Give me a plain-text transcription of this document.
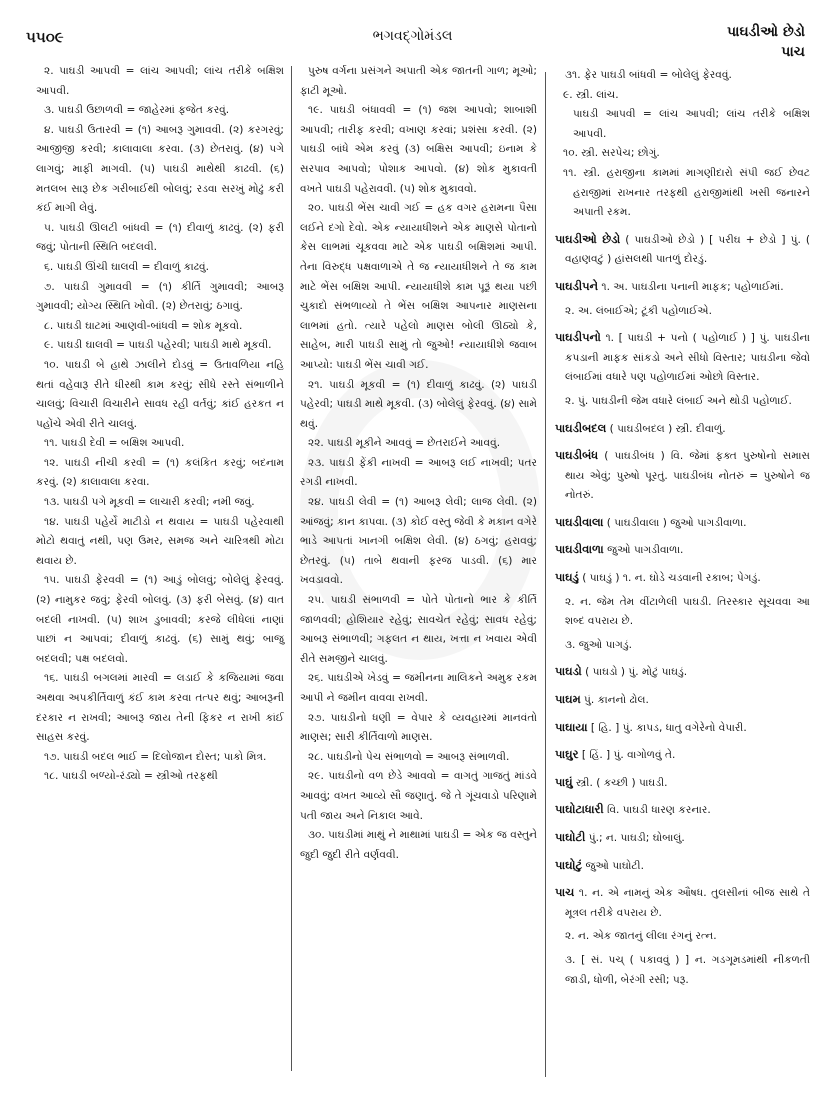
૫૫૦૯	ભગવદ્ગોમંડલ	પાઘડીઓ છેડો
પાચ

૨. પાઘડી આપવી = લાંચ આપવી; લાંચ તરીકે બક્ષિશ આપવી.

૩. પાઘડી ઉછાળવી = જાહેરમાં ફજેત કરવું.

૪. પાઘડી ઉતારવી = (૧) આબરૂ ગુમાવવી. (૨) કરગરવું; આજીજી કરવી; કાલાવાલા કરવા. (૩) છેતરાવું. (૪) પગે લાગવું; માફી માગવી. (૫) પાઘડી માથેથી કાઢવી. (૬) મતલબ સારૂ છેક ગરીબાઈથી બોલવું; રડવા સરખું મોઢું કરી કંઈ માગી લેવું.

૫. પાઘડી ઊલટી બાંધવી = (૧) દીવાળું કાઢવું. (૨) ફરી જવું; પોતાની સ્થિતિ બદલવી.

૬. પાઘડી ઊંચી ઘાલવી = દીવાળું કાઢવું.

૭. પાઘડી ગુમાવવી = (૧) કીર્તિ ગુમાવવી; આબરૂ ગુમાવવી; યોગ્ય સ્થિતિ ખોવી. (૨) છેતરાવું; ઠગાવું.

૮. પાઘડી ઘાટમાં આણવી-બાંધવી = શોક મૂકવો.

૯. પાઘડી ઘાલવી = પાઘડી પહેરવી; પાઘડી માથે મૂકવી.

૧૦. પાઘડી બે હાથે ઝાલીને દોડવું = ઉતાવળિયા નહિ થતાં વહેવારૂ રીતે ધીરથી કામ કરવું; સીધે રસ્તે સંભાળીને ચાલવું; વિચારી વિચારીને સાવધ રહી વર્તવું; કાંઈ હરકત ન પહોંચે એવી રીતે ચાલવું.

૧૧. પાઘડી દેવી = બક્ષિશ આપવી.

૧૨. પાઘડી નીચી કરવી = (૧) કલંકિત કરવું; બદનામ કરવું. (૨) કાલાવાલા કરવા.

૧૩. પાઘડી પગે મૂકવી = લાચારી કરવી; નમી જવું.

૧૪. પાઘડી પહેર્યે માટીડો ન થવાય = પાઘડી પહેરવાથી મોટો થવાતું નથી, પણ ઉમર, સમજ અને ચારિત્રથી મોટા થવાય છે.

૧૫. પાઘડી ફેરવવી = (૧) આડું બોલવું; બોલેલું ફેરવવું. (૨) નામુકર જવું; ફેરવી બોલવું. (૩) ફરી બેસવું. (૪) વાત બદલી નાખવી. (૫) શાખ ડુબાવવી; કરજે લીધેલાં નાણાં પાછાં ન આપવાં; દીવાળું કાઢવું. (૬) સામું થવું; બાજુ બદલવી; પક્ષ બદલવો.

૧૬. પાઘડી બગલમાં મારવી = લડાઈ કે કજિયામાં જવા અથવા અપકીર્તિવાળું કંઈ કામ કરવા તત્પર થવું; આબરૂની દરકાર ન રાખવી; આબરૂ જાય તેની ફિકર ન રાખી કાંઈ સાહસ કરવું.

૧૭. પાઘડી બદલ ભાઈ = દિલોજાન દોસ્ત; પાકો મિત્ર.

૧૮. પાઘડી બળ્યો-રંડ્યો = સ્ત્રીઓ તરફથી

પુરુષ વર્ગના પ્રસંગને અપાતી એક જાતની ગાળ; મૂઓ; ફાટી મૂઓ.

૧૯. પાઘડી બંધાવવી = (૧) જશ આપવો; શાબાશી આપવી; તારીફ કરવી; વખાણ કરવાં; પ્રશંસા કરવી. (૨) પાઘડી બાંધે એમ કરવું (૩) બક્ષિસ આપવી; ઇનામ કે સરપાવ આપવો; પોશાક આપવો. (૪) શોક મુકાવતી વખતે પાઘડી પહેરાવવી. (૫) શોક મુકાવવો.

૨૦. પાઘડી ભેંસ ચાવી ગઈ = હક વગર હરામના પૈસા લઈને દગો દેવો. એક ન્યાયાધીશને એક માણસે પોતાનો કેસ લાભમાં ચૂકવવા માટે એક પાઘડી બક્ષિશમાં આપી. તેના વિરુદ્ધ પક્ષવાળાએ તે જ ન્યાયાધીશને તે જ કામ માટે ભેંસ બક્ષિશ આપી. ન્યાયાધીશે કામ પૂરૂં થયા પછી ચુકાદો સંભળાવ્યો તે ભેંસ બક્ષિશ આપનાર માણસના લાભમાં હતો. ત્યારે પહેલો માણસ બોલી ઊઠ્યો કે, સાહેબ, મારી પાઘડી સામું તો જુઓ! ન્યાયાધીશે જવાબ આપ્યો: પાઘડી ભેંસ ચાવી ગઈ.

૨૧. પાઘડી મૂકવી = (૧) દીવાળું કાઢવું. (૨) પાઘડી પહેરવી; પાઘડી માથે મૂકવી. (૩) બોલેલું ફેરવવું. (૪) સામે થવું.

૨૨. પાઘડી મૂકીને આવવું = છેતરાઈને આવવું.

૨૩. પાઘડી ફેંકી નાખવી = આબરૂ લઈ નાખવી; પતર રગડી નાખવી.

૨૪. પાઘડી લેવી = (૧) આબરૂ લેવી; લાજ લેવી. (૨) આંજવું; કાન કાપવા. (૩) કોઈ વસ્તુ જેવી કે મકાન વગેરે ભાડે આપતાં ખાનગી બક્ષિશ લેવી. (૪) ઠગવું; હરાવવું; છેતરવું. (૫) તાબે થવાની ફરજ પાડવી. (૬) માર ખવડાવવો.

૨૫. પાઘડી સંભાળવી = પોતે પોતાનો ભાર કે કીર્તિ જાળવવી; હોશિયાર રહેવું; સાવચેત રહેવું; સાવધ રહેવું; આબરૂ સંભાળવી; ગફલત ન થાય, ખત્તા ન ખવાય એવી રીતે સમજીને ચાલવું.

૨૬. પાઘડીએ ખેડવું = જમીનના માલિકને અમુક રકમ આપી ને જમીન વાવવા રાખવી.

૨૭. પાઘડીનો ધણી = વેપાર કે વ્યવહારમાં માનવંતો માણસ; સારી કીર્તિવાળો માણસ.

૨૮. પાઘડીનો પેચ સંભાળવો = આબરૂ સંભાળવી.

૨૯. પાઘડીનો વળ છેડે આવવો = વાગતું ગાજતું માંડવે આવવું; વખત આવ્યે સૌ જણાતું. જે તે ગૂંચવાડો પરિણામે પતી જાય અને નિકાલ આવે.

૩૦. પાઘડીમાં માથું ને માથામાં પાઘડી = એક જ વસ્તુને જુદી જુદી રીતે વર્ણવવી.

૩૧. ફેર પાઘડી બાંધવી = બોલેલું ફેરવવું.

૯. સ્ત્રી. લાંચ.

પાઘડી આપવી = લાંચ આપવી; લાંચ તરીકે બક્ષિશ આપવી.

૧૦. સ્ત્રી. સરપેચ; છોગું.

૧૧. સ્ત્રી. હરાજીના કામમાં માગણીદારો સંપી જઈ છેવટ હરાજીમાં રાખનાર તરફથી હરાજીમાંથી ખસી જનારને અપાતી રકમ.

પાઘડીઓ છેડો ( પાઘડીઓ છેડો ) [ પરીઘ + છેડો ] પું. ( વહાણવટું ) હાંસલથી પાતળું દોરડું.

પાઘડીપને ૧. અ. પાઘડીના પનાની માફક; પહોળાઈમાં.

૨. અ. લંબાઈએ; ટૂંકી પહોળાઈએ.

પાઘડીપનો ૧. [ પાઘડી + પનો ( પહોળાઈ ) ] પું. પાઘડીના કપડાની માફક સાંકડો અને સીધો વિસ્તાર; પાઘડીના જેવો લંબાઈમાં વધારે પણ પહોળાઈમાં ઓછો વિસ્તાર.

૨. પું. પાઘડીની જેમ વધારે લંબાઈ અને થોડી પહોળાઈ.

પાઘડીબદલ ( પાઘડીબદલ ) સ્ત્રી. દીવાળું.

પાઘડીબંધ ( પાઘડીબંધ ) વિ. જેમાં ફક્ત પુરુષોનો સમાસ થાય એવું; પુરુષો પૂરતું. પાઘડીબંધ નોતરું = પુરુષોને જ નોતરું.

પાઘડીવાલા ( પાઘડીવાલા ) જુઓ પાગડીવાળા.

પાઘડીવાળા જુઓ પાગડીવાળા.

પાઘડું ( પાઘડું ) ૧. ન. ઘોડે ચડવાની રકાબ; પેગડું.

૨. ન. જેમ તેમ વીંટાળેલી પાઘડી. તિરસ્કાર સૂચવવા આ શબ્દ વપરાય છે.

૩. જુઓ પાગડું.

પાઘડો ( પાઘડો ) પું. મોટું પાઘડું.

પાઘમ પું. કાનનો ઢોલ.

પાઘાયા [ હિ. ] પું. કાપડ, ધાતુ વગેરેનો વેપારી.

પાઘુર [ હિં. ] પું. વાગોળવું તે.

પાઘું સ્ત્રી. ( કચ્છી ) પાઘડી.

પાઘોટાધારી વિ. પાઘડી ધારણ કરનાર.

પાઘોટી પું.; ન. પાઘડી; ઘોબાલું.

પાઘોટું જુઓ પાઘોટી.

પાચ ૧. ન. એ નામનું એક ઔષધ. તુલસીનાં બીજ સાથે તે મૂત્રલ તરીકે વપરાય છે.

૨. ન. એક જાતનું લીલા રંગનું રત્ન.

૩. [ સં. પચ્ ( પકાવવું ) ] ન. ગડગૂમડમાંથી નીકળતી જાડી, ધોળી, બેરંગી રસી; પરૂ.
